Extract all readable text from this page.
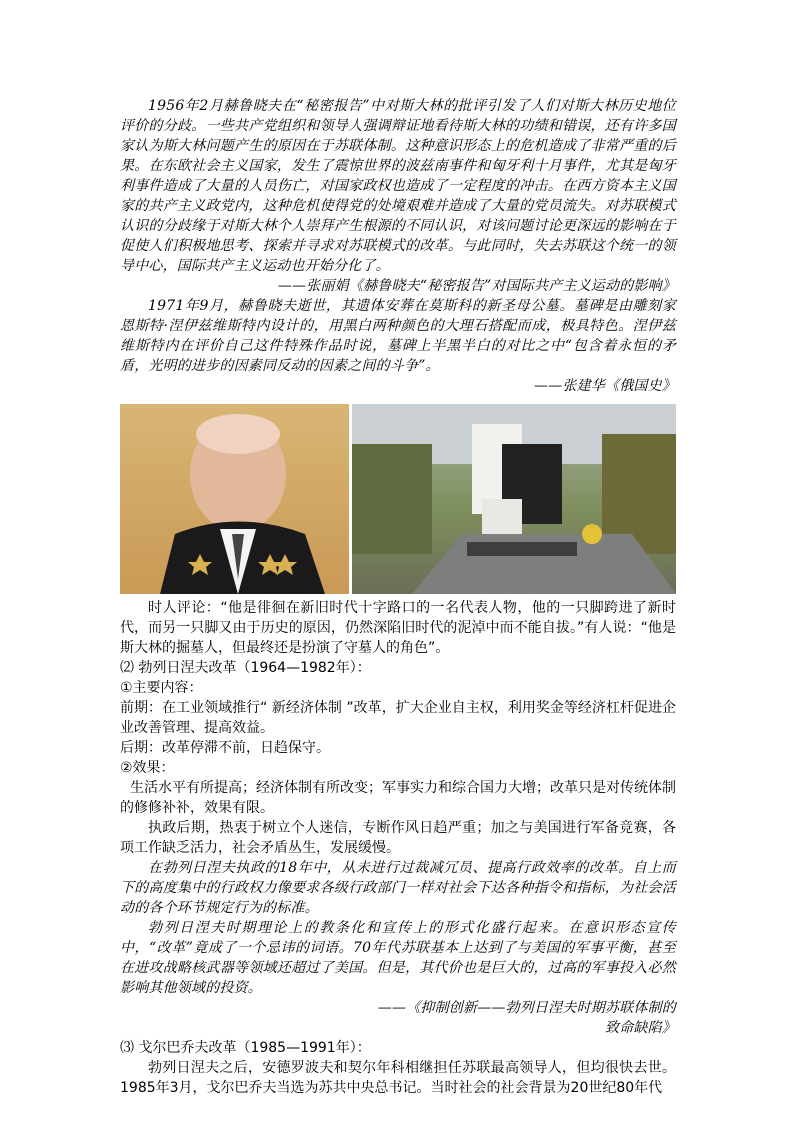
1956年2月赫鲁晓夫在“秘密报告”中对斯大林的批评引发了人们对斯大林历史地位评价的分歧。一些共产党组织和领导人强调辩证地看待斯大林的功绩和错误，还有许多国家认为斯大林问题产生的原因在于苏联体制。这种意识形态上的危机造成了非常严重的后果。在东欧社会主义国家，发生了震惊世界的波兹南事件和匈牙利十月事件，尤其是匈牙利事件造成了大量的人员伤亡，对国家政权也造成了一定程度的冲击。在西方资本主义国家的共产主义政党内，这种危机使得党的处境艰难并造成了大量的党员流失。对苏联模式认识的分歧缘于对斯大林个人崇拜产生根源的不同认识，对该问题讨论更深远的影响在于促使人们积极地思考、探索并寻求对苏联模式的改革。与此同时，失去苏联这个统一的领导中心，国际共产主义运动也开始分化了。

——张丽娟《赫鲁晓夫“秘密报告”对国际共产主义运动的影响》

1971年9月，赫鲁晓夫逝世，其遗体安葬在莫斯科的新圣母公墓。墓碑是由雕刻家恩斯特·涅伊兹维斯特内设计的，用黑白两种颜色的大理石搭配而成，极具特色。涅伊兹维斯特内在评价自己这件特殊作品时说，墓碑上半黑半白的对比之中“包含着永恒的矛盾，光明的进步的因素同反动的因素之间的斗争”。

——张建华《俄国史》

时人评论：“他是徘徊在新旧时代十字路口的一名代表人物，他的一只脚跨进了新时代，而另一只脚又由于历史的原因，仍然深陷旧时代的泥淖中而不能自拔。”有人说：“他是斯大林的掘墓人，但最终还是扮演了守墓人的角色”。

⑵ 勃列日涅夫改革（1964—1982年）：

①主要内容：

前期：在工业领域推行“ 新经济体制 ”改革，扩大企业自主权，利用奖金等经济杠杆促进企业改善管理、提高效益。

后期：改革停滞不前，日趋保守。

②效果：

生活水平有所提高；经济体制有所改变；军事实力和综合国力大增；改革只是对传统体制的修修补补，效果有限。

执政后期，热衷于树立个人迷信，专断作风日趋严重；加之与美国进行军备竞赛，各项工作缺乏活力，社会矛盾丛生，发展缓慢。

在勃列日涅夫执政的18年中，从未进行过裁减冗员、提高行政效率的改革。自上而下的高度集中的行政权力像要求各级行政部门一样对社会下达各种指令和指标，为社会活动的各个环节规定行为的标准。

勃列日涅夫时期理论上的教条化和宣传上的形式化盛行起来。在意识形态宣传中，“改革”竟成了一个忌讳的词语。70年代苏联基本上达到了与美国的军事平衡，甚至在进攻战略核武器等领域还超过了美国。但是，其代价也是巨大的，过高的军事投入必然影响其他领域的投资。

——《抑制创新——勃列日涅夫时期苏联体制的

致命缺陷》

⑶ 戈尔巴乔夫改革（1985—1991年）：

勃列日涅夫之后，安德罗波夫和契尔年科相继担任苏联最高领导人，但均很快去世。1985年3月，戈尔巴乔夫当选为苏共中央总书记。当时社会的社会背景为20世纪80年代
